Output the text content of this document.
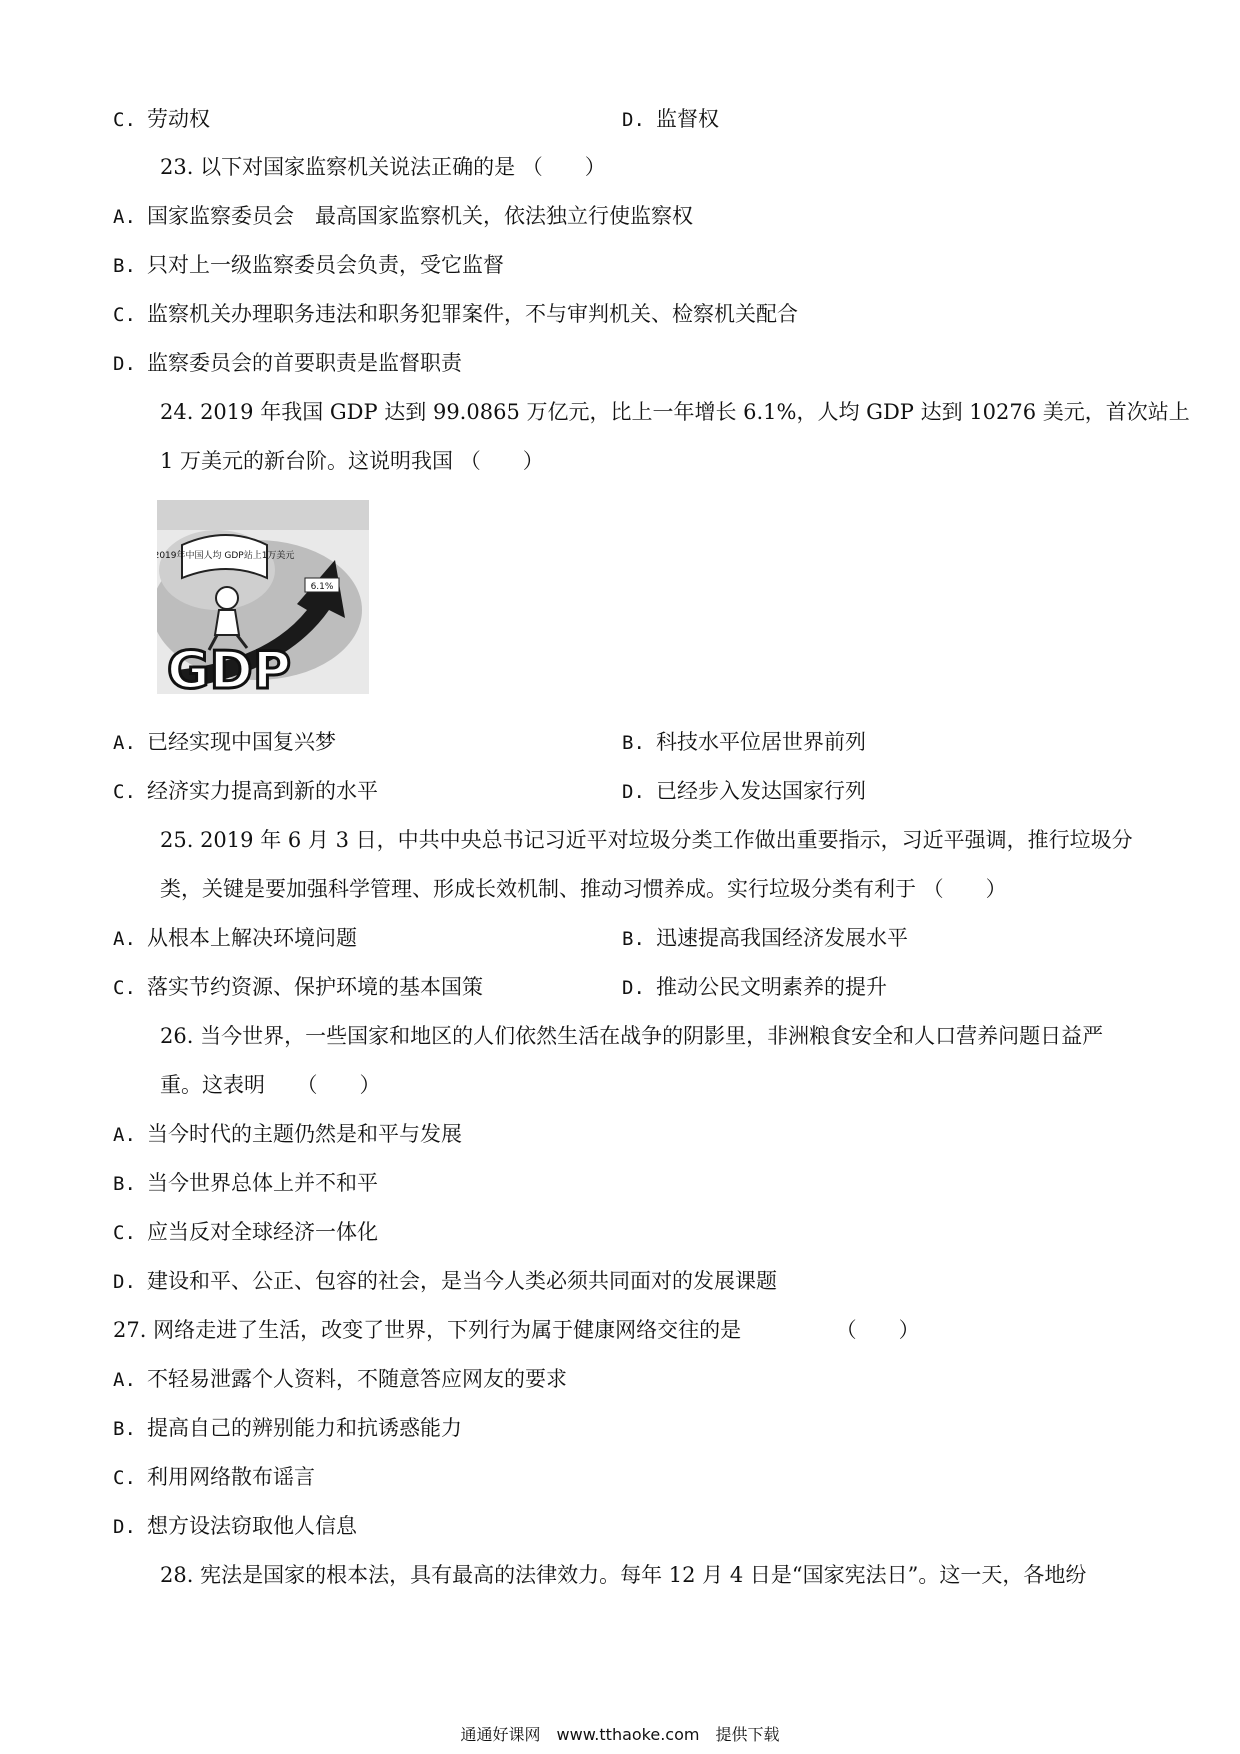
C. 劳动权	D. 监督权
23. 以下对国家监察机关说法正确的是 （　　）
A. 国家监察委员会　最高国家监察机关，依法独立行使监察权
B. 只对上一级监察委员会负责，受它监督
C. 监察机关办理职务违法和职务犯罪案件，不与审判机关、检察机关配合
D. 监察委员会的首要职责是监督职责
24. 2019 年我国 GDP 达到 99.0865 万亿元，比上一年增长 6.1%，人均 GDP 达到 10276 美元，首次站上
1 万美元的新台阶。这说明我国 （　　）
2019年中国人均 GDP站上1万美元
6.1%
GDP
A. 已经实现中国复兴梦	B. 科技水平位居世界前列
C. 经济实力提高到新的水平	D. 已经步入发达国家行列
25. 2019 年 6 月 3 日，中共中央总书记习近平对垃圾分类工作做出重要指示，习近平强调，推行垃圾分
类，关键是要加强科学管理、形成长效机制、推动习惯养成。实行垃圾分类有利于 （　　）
A. 从根本上解决环境问题	B. 迅速提高我国经济发展水平
C. 落实节约资源、保护环境的基本国策	D. 推动公民文明素养的提升
26. 当今世界，一些国家和地区的人们依然生活在战争的阴影里，非洲粮食安全和人口营养问题日益严
重。这表明　　（　　）
A. 当今时代的主题仍然是和平与发展
B. 当今世界总体上并不和平
C. 应当反对全球经济一体化
D. 建设和平、公正、包容的社会，是当今人类必须共同面对的发展课题
27. 网络走进了生活，改变了世界，下列行为属于健康网络交往的是　　　　　（　　）
A. 不轻易泄露个人资料，不随意答应网友的要求
B. 提高自己的辨别能力和抗诱惑能力
C. 利用网络散布谣言
D. 想方设法窃取他人信息
28. 宪法是国家的根本法，具有最高的法律效力。每年 12 月 4 日是“国家宪法日”。这一天，各地纷
通通好课网　www.tthaoke.com　提供下载
